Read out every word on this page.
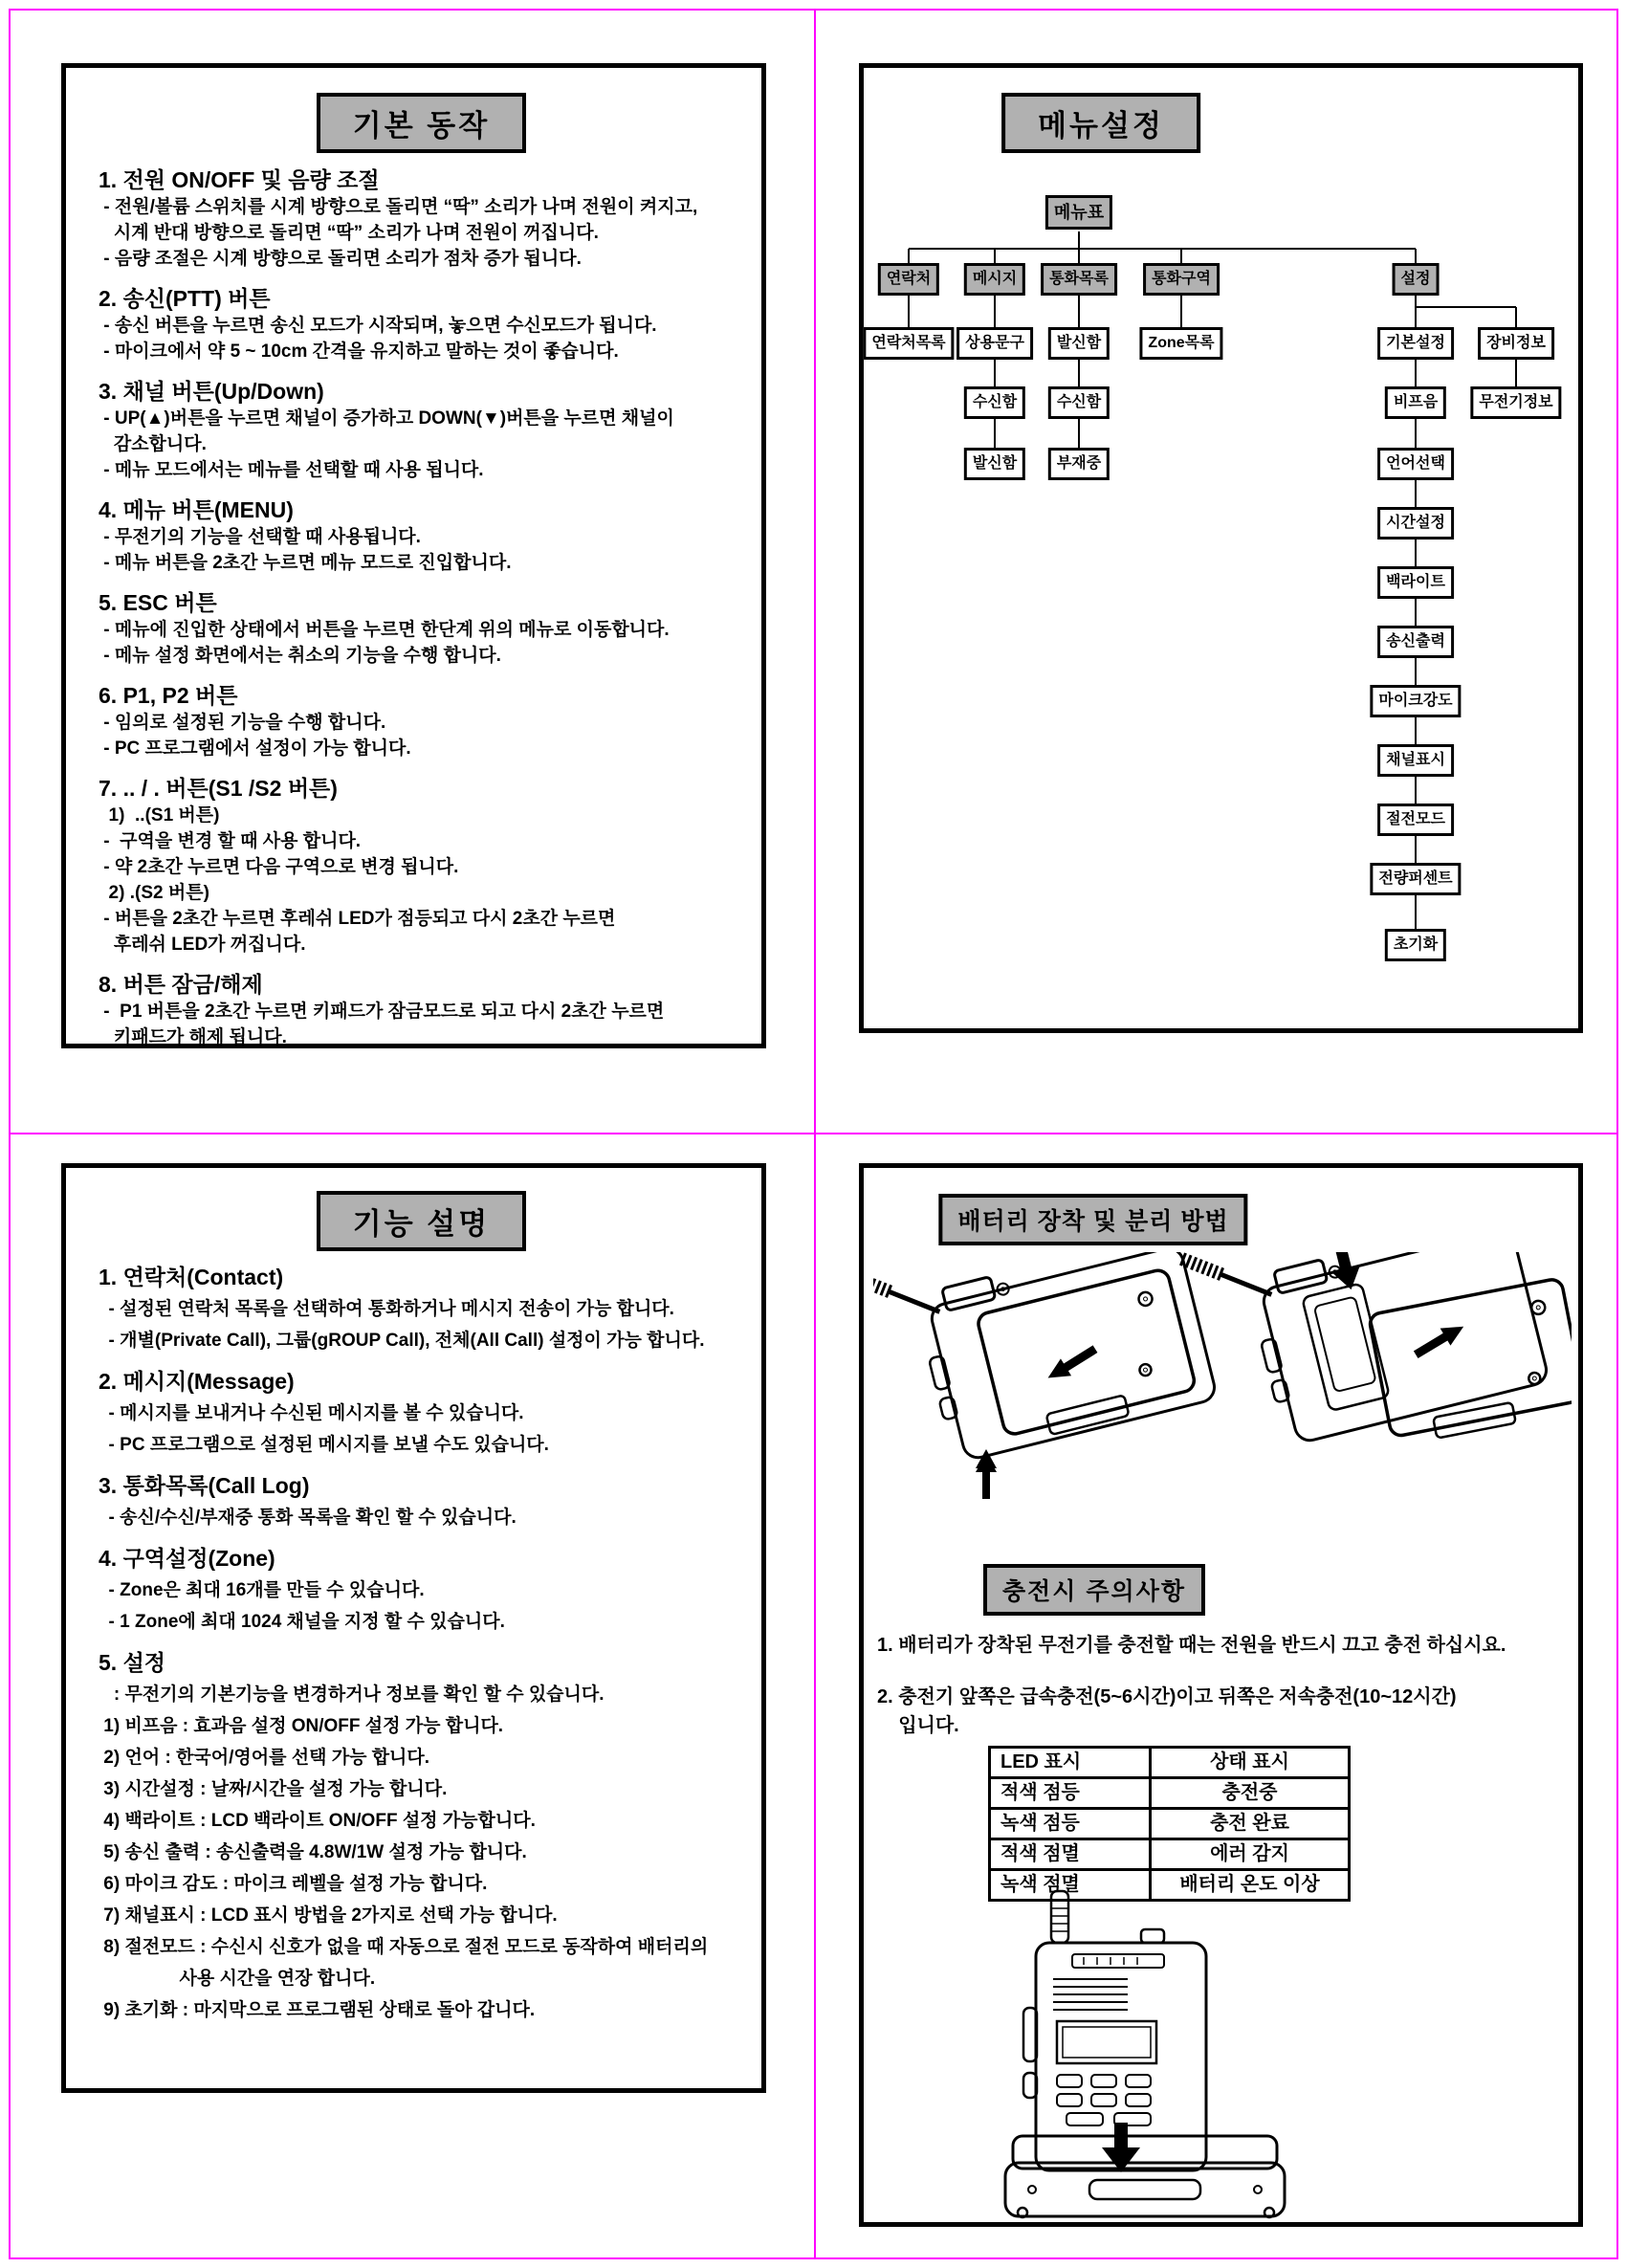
기본 동작
1. 전원 ON/OFF 및 음량 조절
- 전원/볼륨 스위치를 시계 방향으로 돌리면 “딱” 소리가 나며 전원이 켜지고,
시계 반대 방향으로 돌리면 “딱” 소리가 나며 전원이 꺼집니다.
- 음량 조절은 시계 방향으로 돌리면 소리가 점차 증가 됩니다.
2. 송신(PTT) 버튼
- 송신 버튼을 누르면 송신 모드가 시작되며, 놓으면 수신모드가 됩니다.
- 마이크에서 약 5 ~ 10cm 간격을 유지하고 말하는 것이 좋습니다.
3. 채널 버튼(Up/Down)
- UP(▲)버튼을 누르면 채널이 증가하고 DOWN(▼)버튼을 누르면 채널이
감소합니다.
- 메뉴 모드에서는 메뉴를 선택할 때 사용 됩니다.
4. 메뉴 버튼(MENU)
- 무전기의 기능을 선택할 때 사용됩니다.
- 메뉴 버튼을 2초간 누르면 메뉴 모드로 진입합니다.
5. ESC 버튼
- 메뉴에 진입한 상태에서 버튼을 누르면 한단계 위의 메뉴로 이동합니다.
- 메뉴 설정 화면에서는 취소의 기능을 수행 합니다.
6. P1, P2 버튼
- 임의로 설정된 기능을 수행 합니다.
- PC 프로그램에서 설정이 가능 합니다.
7. .. / . 버튼(S1 /S2 버튼)
1)  ..(S1 버튼)
-  구역을 변경 할 때 사용 합니다.
- 약 2초간 누르면 다음 구역으로 변경 됩니다.
2) .(S2 버튼)
- 버튼을 2초간 누르면 후레쉬 LED가 점등되고 다시 2초간 누르면
후레쉬 LED가 꺼집니다.
8. 버튼 잠금/해제
-  P1 버튼을 2초간 누르면 키패드가 잠금모드로 되고 다시 2초간 누르면
키패드가 해제 됩니다.
메뉴설정
메뉴표
연락처	메시지	통화목록	통화구역	설정
연락처목록	상용문구
수신함
발신함
발신함
수신함
부재중
Zone목록	기본설정
비프음
언어선택
시간설정
백라이트
송신출력
마이크강도
채널표시
절전모드
전량퍼센트
초기화
장비정보
무전기정보
기능 설명
1. 연락처(Contact)
- 설정된 연락처 목록을 선택하여 통화하거나 메시지 전송이 가능 합니다.
- 개별(Private Call), 그룹(gROUP Call), 전체(All Call) 설정이 가능 합니다.
2. 메시지(Message)
- 메시지를 보내거나 수신된 메시지를 볼 수 있습니다.
- PC 프로그램으로 설정된 메시지를 보낼 수도 있습니다.
3. 통화목록(Call Log)
- 송신/수신/부재중 통화 목록을 확인 할 수 있습니다.
4. 구역설정(Zone)
- Zone은 최대 16개를 만들 수 있습니다.
- 1 Zone에 최대 1024 채널을 지정 할 수 있습니다.
5. 설정
: 무전기의 기본기능을 변경하거나 정보를 확인 할 수 있습니다.
1) 비프음 : 효과음 설정 ON/OFF 설정 가능 합니다.
2) 언어 : 한국어/영어를 선택 가능 합니다.
3) 시간설정 : 날짜/시간을 설정 가능 합니다.
4) 백라이트 : LCD 백라이트 ON/OFF 설정 가능합니다.
5) 송신 출력 : 송신출력을 4.8W/1W 설정 가능 합니다.
6) 마이크 감도 : 마이크 레벨을 설정 가능 합니다.
7) 채널표시 : LCD 표시 방법을 2가지로 선택 가능 합니다.
8) 절전모드 : 수신시 신호가 없을 때 자동으로 절전 모드로 동작하여 배터리의
사용 시간을 연장 합니다.
9) 초기화 : 마지막으로 프로그램된 상태로 돌아 갑니다.
배터리 장착 및 분리 방법
충전시 주의사항
1. 배터리가 장착된 무전기를 충전할 때는 전원을 반드시 끄고 충전 하십시요.
2. 충전기 앞쪽은 급속충전(5~6시간)이고 뒤쪽은 저속충전(10~12시간)
입니다.
LED 표시	상태 표시
적색 점등	충전중
녹색 점등	충전 완료
적색 점멸	에러 감지
녹색 점멸	배터리 온도 이상
